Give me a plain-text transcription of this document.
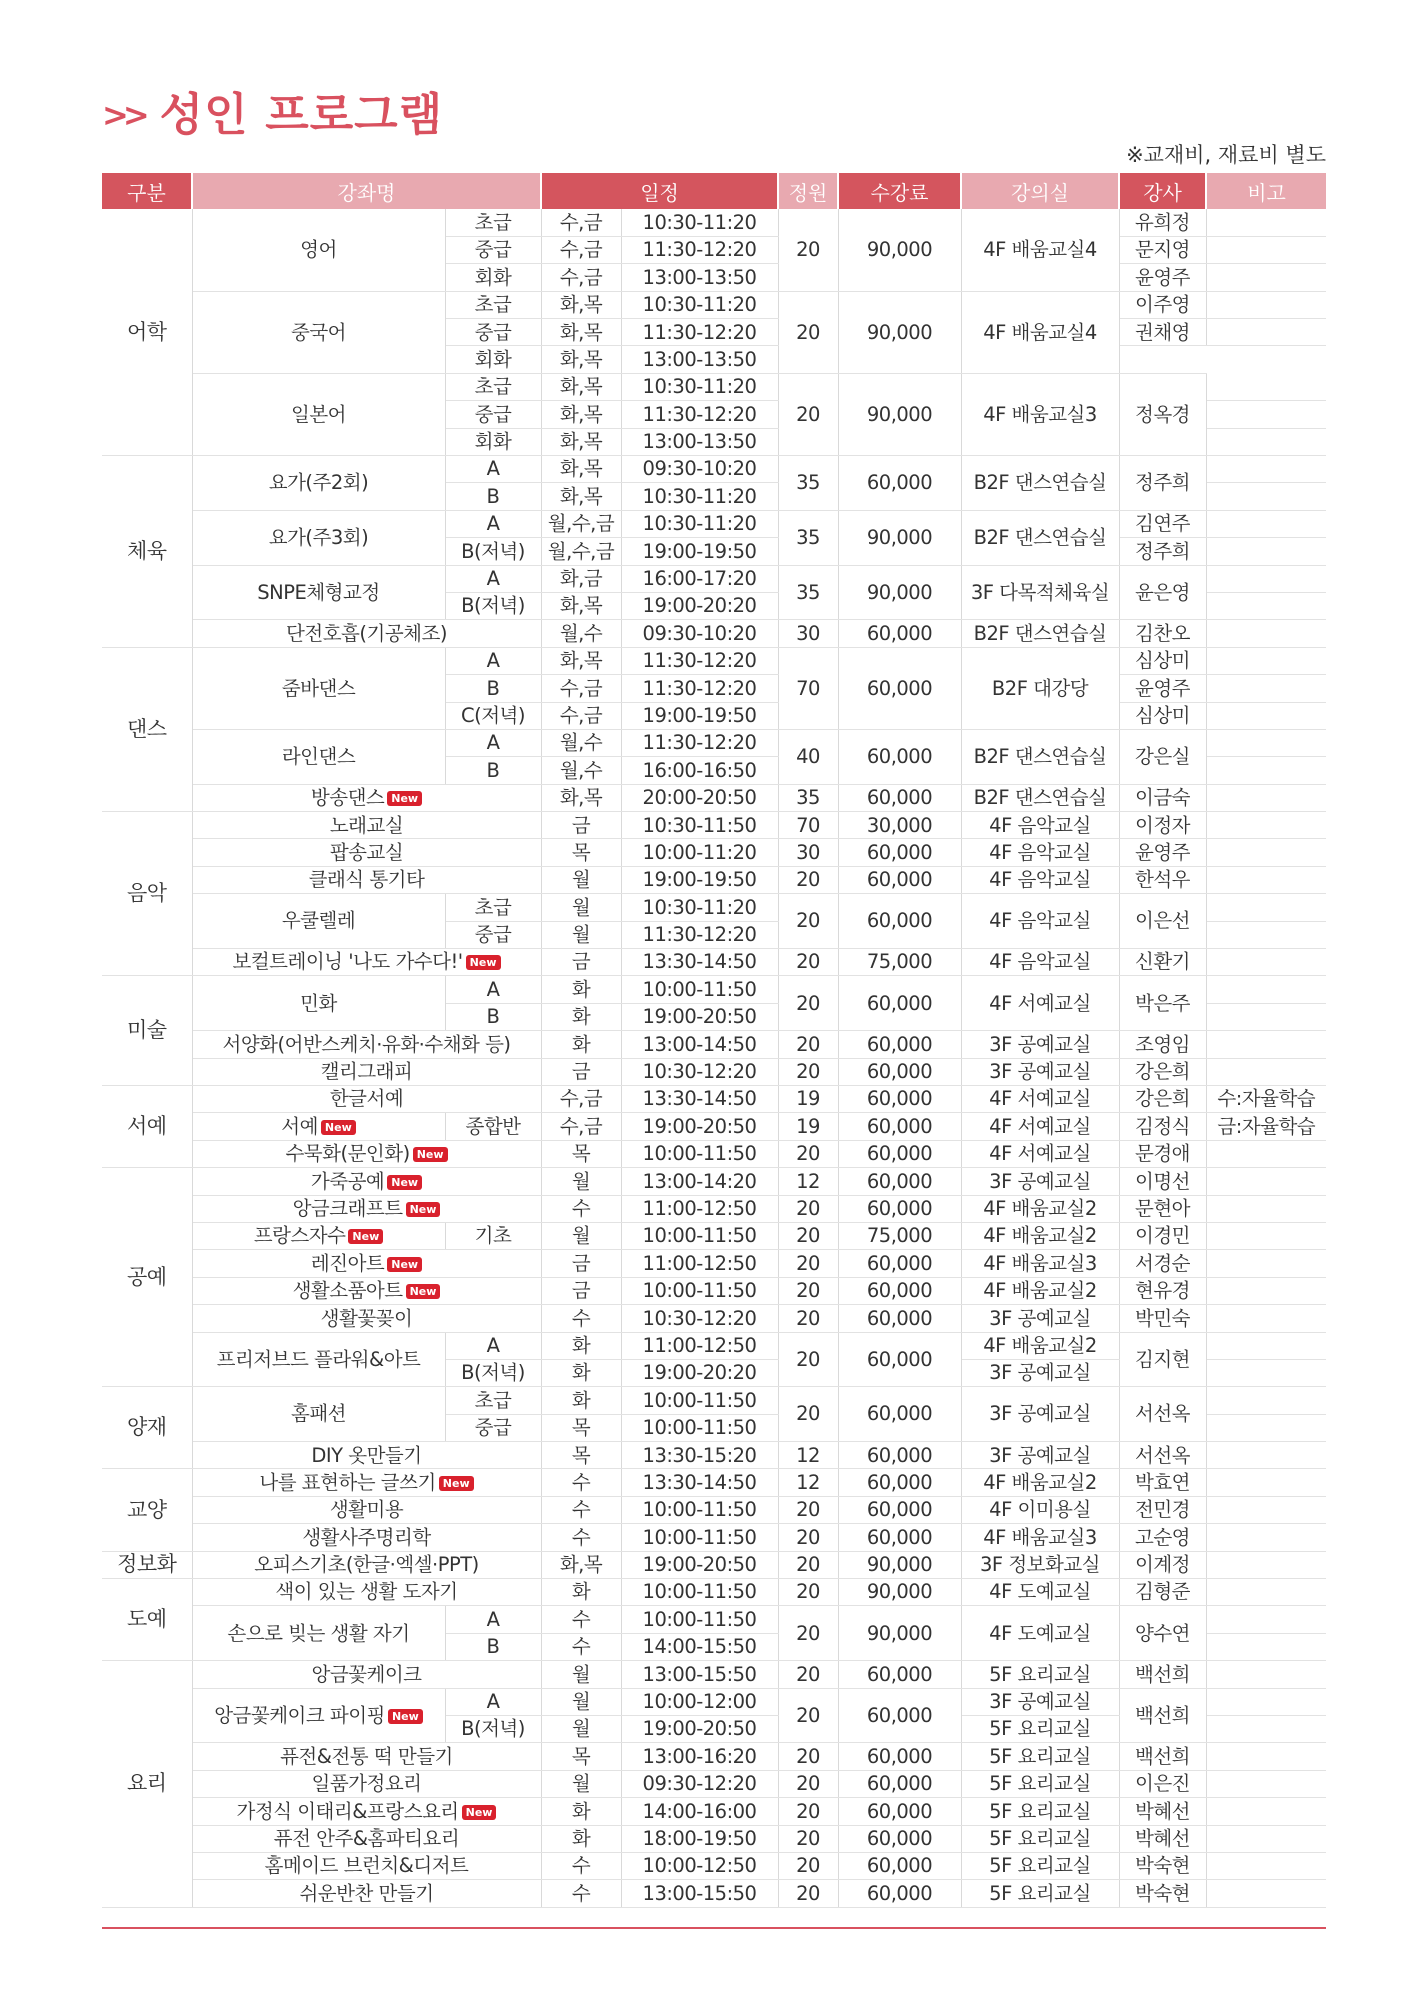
>> 성인 프로그램
※교재비, 재료비 별도
구분	강좌명		일정		정원	수강료	강의실	강사	비고
어학	영어	초급	수,금	10:30-11:20	20	90,000	4F 배움교실4	유희정	
		중급	수,금	11:30-12:20				문지영	
		회화	수,금	13:00-13:50				윤영주	
	중국어	초급	화,목	10:30-11:20	20	90,000	4F 배움교실4	이주영	
		중급	화,목	11:30-12:20				권채영	
		회화	화,목	13:00-13:50					
	일본어	초급	화,목	10:30-11:20	20	90,000	4F 배움교실3	정옥경	
		중급	화,목	11:30-12:20					
		회화	화,목	13:00-13:50					
체육	요가(주2회)	A	화,목	09:30-10:20	35	60,000	B2F 댄스연습실	정주희	
		B	화,목	10:30-11:20					
	요가(주3회)	A	월,수,금	10:30-11:20	35	90,000	B2F 댄스연습실	김연주	
		B(저녁)	월,수,금	19:00-19:50				정주희	
	SNPE체형교정	A	화,금	16:00-17:20	35	90,000	3F 다목적체육실	윤은영	
		B(저녁)	화,목	19:00-20:20					
	단전호흡(기공체조)		월,수	09:30-10:20	30	60,000	B2F 댄스연습실	김찬오	
댄스	줌바댄스	A	화,목	11:30-12:20	70	60,000	B2F 대강당	심상미	
		B	수,금	11:30-12:20				윤영주	
		C(저녁)	수,금	19:00-19:50				심상미	
	라인댄스	A	월,수	11:30-12:20	40	60,000	B2F 댄스연습실	강은실	
		B	월,수	16:00-16:50					
	방송댄스 New		화,목	20:00-20:50	35	60,000	B2F 댄스연습실	이금숙	
음악	노래교실		금	10:30-11:50	70	30,000	4F 음악교실	이정자	
	팝송교실		목	10:00-11:20	30	60,000	4F 음악교실	윤영주	
	클래식 통기타		월	19:00-19:50	20	60,000	4F 음악교실	한석우	
	우쿨렐레	초급	월	10:30-11:20	20	60,000	4F 음악교실	이은선	
		중급	월	11:30-12:20					
	보컬트레이닝 '나도 가수다!' New		금	13:30-14:50	20	75,000	4F 음악교실	신환기	
미술	민화	A	화	10:00-11:50	20	60,000	4F 서예교실	박은주	
		B	화	19:00-20:50					
	서양화(어반스케치·유화·수채화 등)		화	13:00-14:50	20	60,000	3F 공예교실	조영임	
	캘리그래피		금	10:30-12:20	20	60,000	3F 공예교실	강은희	
서예	한글서예		수,금	13:30-14:50	19	60,000	4F 서예교실	강은희	수:자율학습
	서예 New	종합반	수,금	19:00-20:50	19	60,000	4F 서예교실	김정식	금:자율학습
	수묵화(문인화) New		목	10:00-11:50	20	60,000	4F 서예교실	문경애	
공예	가죽공예 New		월	13:00-14:20	12	60,000	3F 공예교실	이명선	
	앙금크래프트 New		수	11:00-12:50	20	60,000	4F 배움교실2	문현아	
	프랑스자수 New	기초	월	10:00-11:50	20	75,000	4F 배움교실2	이경민	
	레진아트 New		금	11:00-12:50	20	60,000	4F 배움교실3	서경순	
	생활소품아트 New		금	10:00-11:50	20	60,000	4F 배움교실2	현유경	
	생활꽃꽂이		수	10:30-12:20	20	60,000	3F 공예교실	박민숙	
	프리저브드 플라워&아트	A	화	11:00-12:50	20	60,000	4F 배움교실2	김지현	
		B(저녁)	화	19:00-20:20			3F 공예교실		
양재	홈패션	초급	화	10:00-11:50	20	60,000	3F 공예교실	서선옥	
		중급	목	10:00-11:50					
	DIY 옷만들기		목	13:30-15:20	12	60,000	3F 공예교실	서선옥	
교양	나를 표현하는 글쓰기 New		수	13:30-14:50	12	60,000	4F 배움교실2	박효연	
	생활미용		수	10:00-11:50	20	60,000	4F 이미용실	전민경	
	생활사주명리학		수	10:00-11:50	20	60,000	4F 배움교실3	고순영	
정보화	오피스기초(한글·엑셀·PPT)		화,목	19:00-20:50	20	90,000	3F 정보화교실	이계정	
도예	색이 있는 생활 도자기		화	10:00-11:50	20	90,000	4F 도예교실	김형준	
	손으로 빚는 생활 자기	A	수	10:00-11:50	20	90,000	4F 도예교실	양수연	
		B	수	14:00-15:50					
요리	앙금꽃케이크		월	13:00-15:50	20	60,000	5F 요리교실	백선희	
	앙금꽃케이크 파이핑 New	A	월	10:00-12:00	20	60,000	3F 공예교실	백선희	
		B(저녁)	월	19:00-20:50			5F 요리교실		
	퓨전&전통 떡 만들기		목	13:00-16:20	20	60,000	5F 요리교실	백선희	
	일품가정요리		월	09:30-12:20	20	60,000	5F 요리교실	이은진	
	가정식 이태리&프랑스요리 New		화	14:00-16:00	20	60,000	5F 요리교실	박혜선	
	퓨전 안주&홈파티요리		화	18:00-19:50	20	60,000	5F 요리교실	박혜선	
	홈메이드 브런치&디저트		수	10:00-12:50	20	60,000	5F 요리교실	박숙현	
	쉬운반찬 만들기		수	13:00-15:50	20	60,000	5F 요리교실	박숙현	
